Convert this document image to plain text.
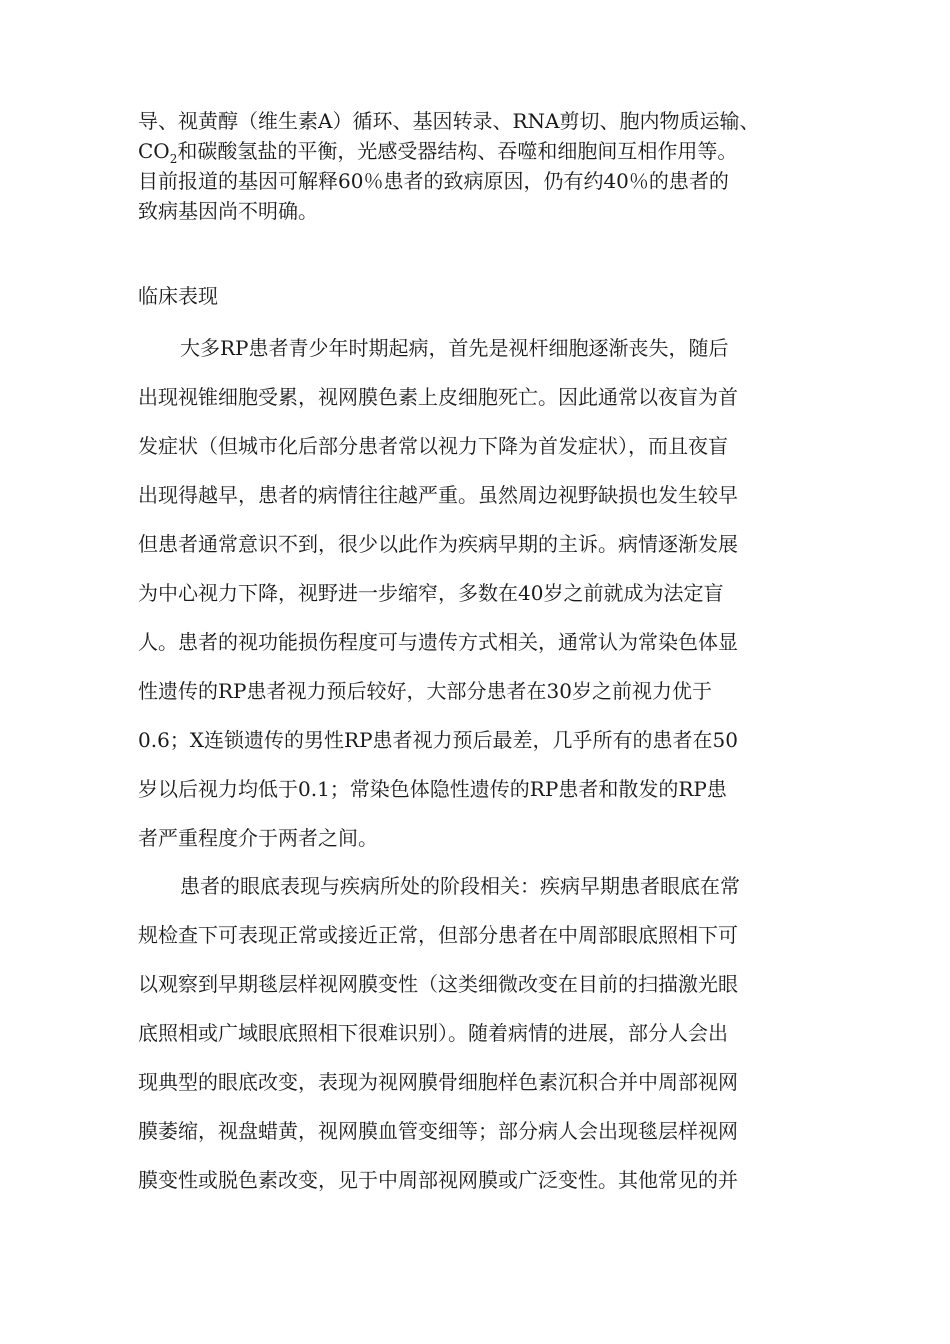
导、视黄醇（维生素A）循环、基因转录、RNA剪切、胞内物质运输、
$CO_2$和碳酸氢盐的平衡，光感受器结构、吞噬和细胞间互相作用等。
目前报道的基因可解释60％患者的致病原因，仍有约40％的患者的
致病基因尚不明确。
临床表现
大多RP患者青少年时期起病，首先是视杆细胞逐渐丧失，随后
出现视锥细胞受累，视网膜色素上皮细胞死亡。因此通常以夜盲为首
发症状（但城市化后部分患者常以视力下降为首发症状），而且夜盲
出现得越早，患者的病情往往越严重。虽然周边视野缺损也发生较早
但患者通常意识不到，很少以此作为疾病早期的主诉。病情逐渐发展
为中心视力下降，视野进一步缩窄，多数在40岁之前就成为法定盲
人。患者的视功能损伤程度可与遗传方式相关，通常认为常染色体显
性遗传的RP患者视力预后较好，大部分患者在30岁之前视力优于
0.6；X连锁遗传的男性RP患者视力预后最差，几乎所有的患者在50
岁以后视力均低于0.1；常染色体隐性遗传的RP患者和散发的RP患
者严重程度介于两者之间。
患者的眼底表现与疾病所处的阶段相关：疾病早期患者眼底在常
规检查下可表现正常或接近正常，但部分患者在中周部眼底照相下可
以观察到早期毯层样视网膜变性（这类细微改变在目前的扫描激光眼
底照相或广域眼底照相下很难识别）。随着病情的进展，部分人会出
现典型的眼底改变，表现为视网膜骨细胞样色素沉积合并中周部视网
膜萎缩，视盘蜡黄，视网膜血管变细等；部分病人会出现毯层样视网
膜变性或脱色素改变，见于中周部视网膜或广泛变性。其他常见的并
